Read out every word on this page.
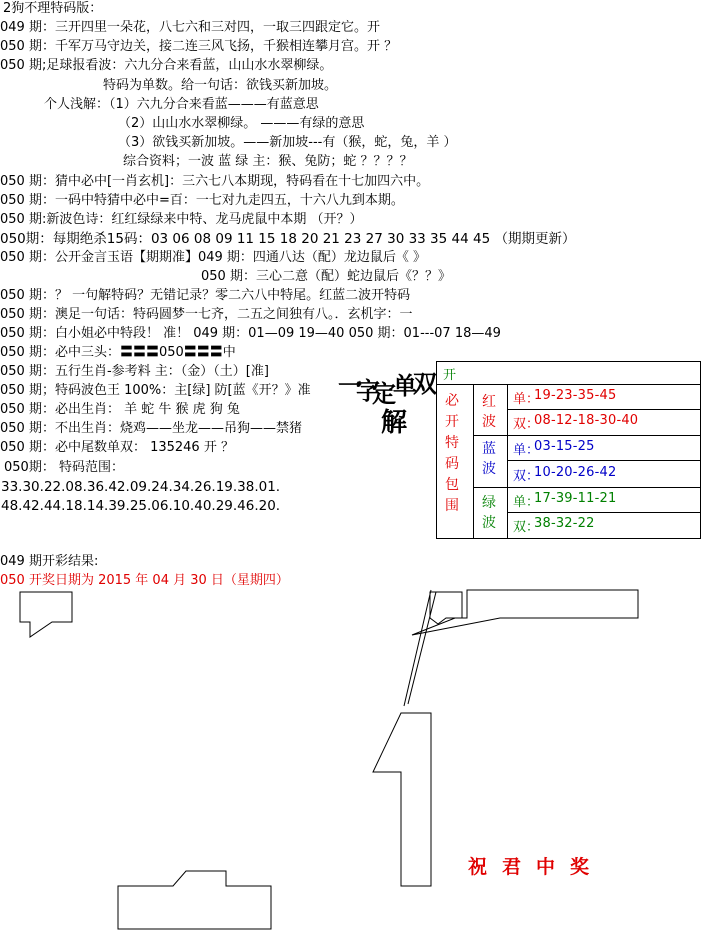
2狗不理特码版：
049 期：三开四里一朵花，八七六和三对四，一取三四跟定它。开
050 期：千军万马守边关，接二连三风飞扬，千猴相连攀月宫。开 ？
050 期;足球报看波：六九分合来看蓝，山山水水翠柳绿。
特码为单数。给一句话：欲钱买新加坡。
个人浅解：（1）六九分合来看蓝———有蓝意思
（2）山山水水翠柳绿。 ———有绿的意思
（3）欲钱买新加坡。——新加坡---有（猴，蛇，兔，羊 ）
综合资料；一波 蓝 绿 主：猴、兔防；蛇 ？？？？
050 期：猜中必中[一肖玄机]：三六七八本期现，特码看在十七加四六中。
050 期：一码中特猜中必中=百：一七对九走四五，十六八九到本期。
050 期:新波色诗：红红绿绿来中特、龙马虎鼠中本期 （开？）
050期：每期绝杀15码：03 06 08 09 11 15 18 20 21 23 27 30 33 35 44 45 （期期更新）
050 期：公开金言玉语【期期准】049 期：四通八达（配）龙边鼠后《 》
050 期：三心二意（配）蛇边鼠后《？？》
050 期：？ 一句解特码？无错记录？零二六八中特尾。红蓝二波开特码
050 期：澳足一句话：特码圆梦一七齐，二五之间独有八。．玄机字：一
050 期：白小姐必中特段！ 准！ 049 期：01—09 19—40 050 期：01---07 18—49
050 期：必中三头：〓〓〓050〓〓〓中
050 期：五行生肖-参考料 主：（金）（土）[准]
050 期；特码波色王 100%：主[绿] 防[蓝《开？》准
050 期：必出生肖： 羊 蛇 牛 猴 虎 狗 兔
050 期：不出生肖：烧鸡——坐龙——吊狗——禁猪
050 期：必中尾数单双： 135246 开 ？
050期： 特码范围：
33.30.22.08.36.42.09.24.34.26.19.38.01.
48.42.44.18.14.39.25.06.10.40.29.46.20.
049 期开彩结果:
050 开奖日期为 2015 年 04 月 30 日（星期四）
一
字
定
单
双
解
开
必
开
特
码
包
围
红
波
单：
19-23-35-45
双：
08-12-18-30-40
蓝
波
单：
03-15-25
双：
10-20-26-42
绿
波
单：
17-39-11-21
双：
38-32-22
祝君中奖
